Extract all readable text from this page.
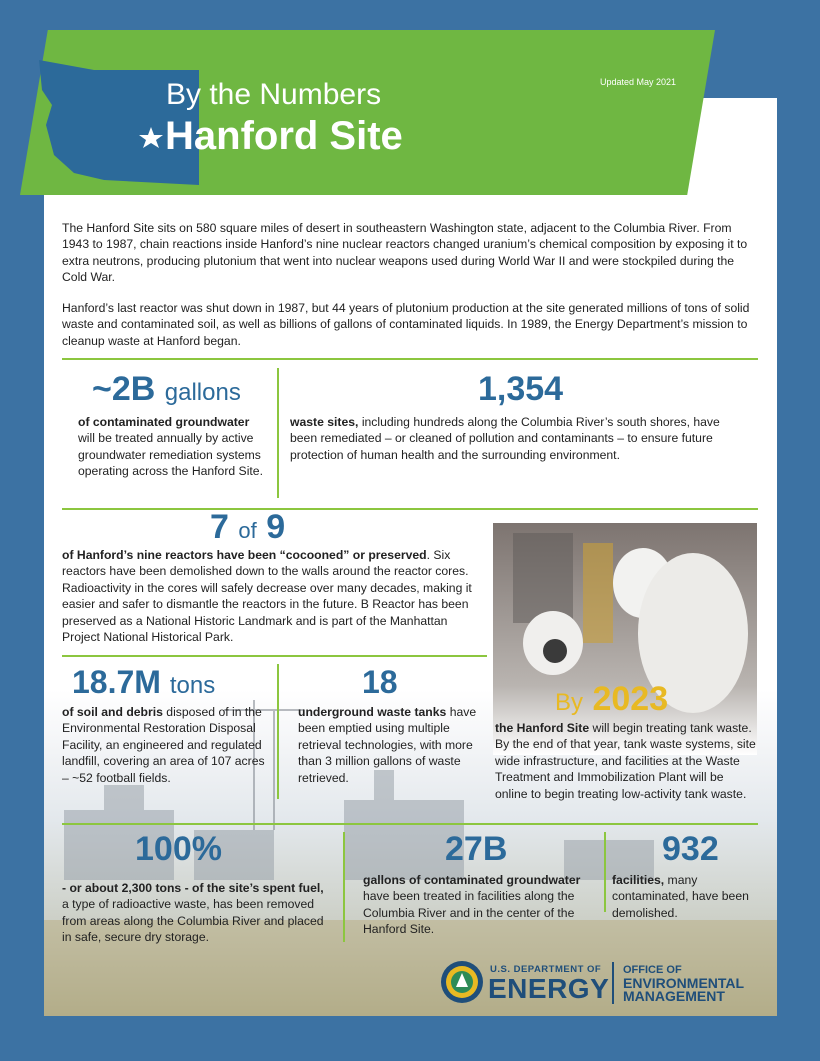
By the Numbers
Hanford Site
Updated May 2021

The Hanford Site sits on 580 square miles of desert in southeastern Washington state, adjacent to the Columbia River. From 1943 to 1987, chain reactions inside Hanford’s nine nuclear reactors changed uranium’s chemical composition by exposing it to extra neutrons, producing plutonium that went into nuclear weapons used during World War II and were stockpiled during the Cold War.

Hanford’s last reactor was shut down in 1987, but 44 years of plutonium production at the site generated millions of tons of solid waste and contaminated soil, as well as billions of gallons of contaminated liquids. In 1989, the Energy Department’s mission to cleanup waste at Hanford began.

~2B gallons
of contaminated groundwater will be treated annually by active groundwater remediation systems operating across the Hanford Site.
1,354
waste sites, including hundreds along the Columbia River’s south shores, have been remediated – or cleaned of pollution and contaminants – to ensure future protection of human health and the surrounding environment.
7 of 9
of Hanford’s nine reactors have been “cocooned” or preserved. Six reactors have been demolished down to the walls around the reactor cores. Radioactivity in the cores will safely decrease over many decades, making it easier and safer to dismantle the reactors in the future. B Reactor has been preserved as a National Historic Landmark and is part of the Manhattan Project National Historical Park.
18.7M tons
of soil and debris disposed of in the Environmental Restoration Disposal Facility, an engineered and regulated landfill, covering an area of 107 acres – ~52 football fields.
18
underground waste tanks have been emptied using multiple retrieval technologies, with more than 3 million gallons of waste retrieved.
By 2023
the Hanford Site will begin treating tank waste. By the end of that year, tank waste systems, site wide infrastructure, and facilities at the Waste Treatment and Immobilization Plant will be online to begin treating low-activity tank waste.
100%
- or about 2,300 tons - of the site’s spent fuel, a type of radioactive waste, has been removed from areas along the Columbia River and placed in safe, secure dry storage.
27B
gallons of contaminated groundwater have been treated in facilities along the Columbia River and in the center of the Hanford Site.
932
facilities, many contaminated, have been demolished.
U.S. DEPARTMENT OF
ENERGY
OFFICE OF
ENVIRONMENTAL
MANAGEMENT
